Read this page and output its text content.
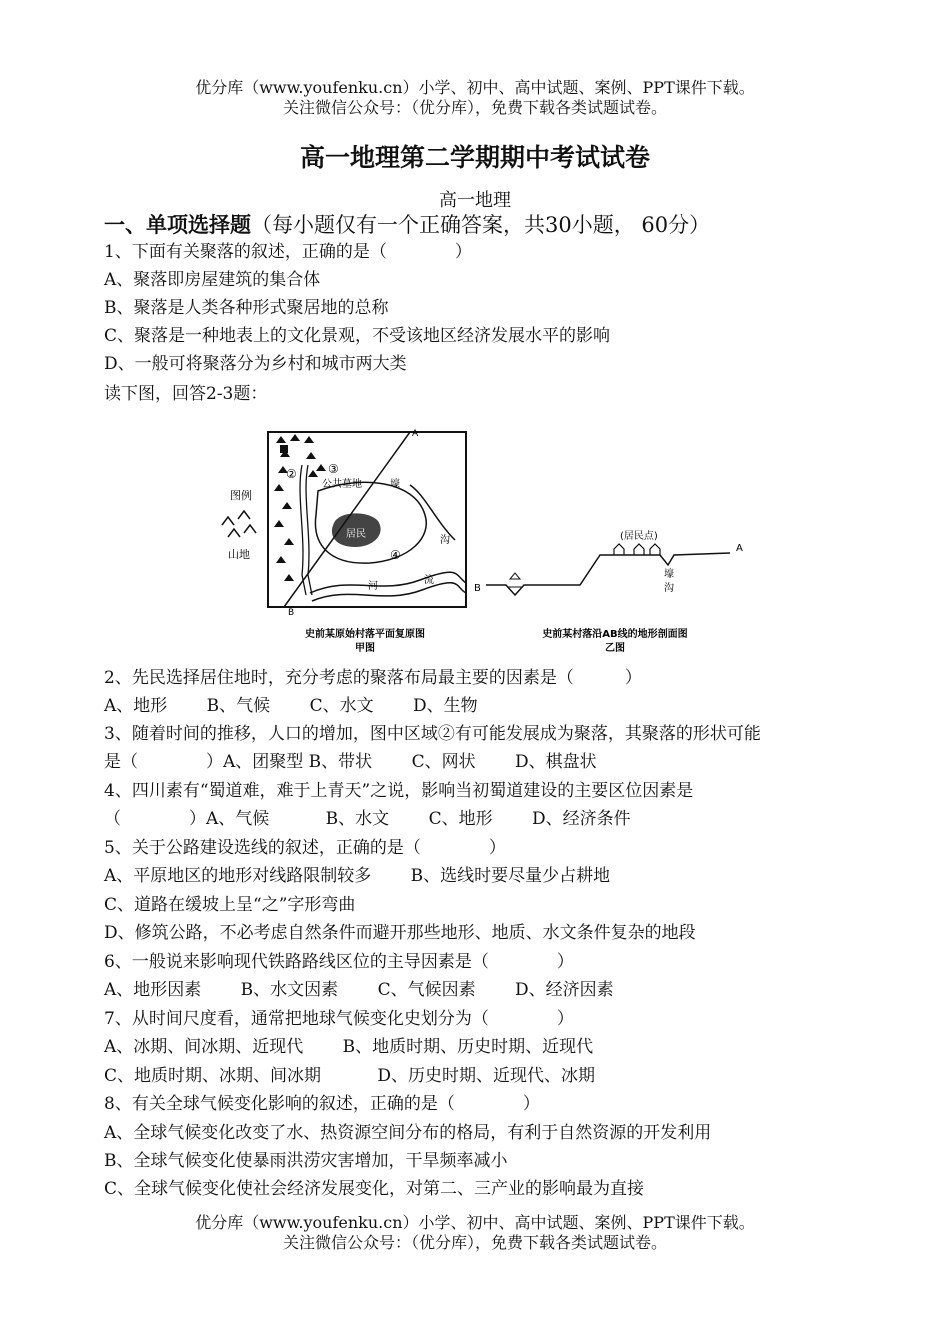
优分库（www.youfenku.cn）小学、初中、高中试题、案例、PPT课件下载。
关注微信公众号：（优分库），免费下载各类试题试卷。
高一地理第二学期期中考试试卷
高一地理
一、单项选择题（每小题仅有一个正确答案，共30小题， 60分）
1、下面有关聚落的叙述，正确的是（　　　　）
A、聚落即房屋建筑的集合体
B、聚落是人类各种形式聚居地的总称
C、聚落是一种地表上的文化景观，不受该地区经济发展水平的影响
D、一般可将聚落分为乡村和城市两大类
读下图，回答2-3题：
图例
山地
居民
A
B
②	③
④
公共墓地	壕
沟
河
流
史前某原始村落平面复原图
甲图
(居民点)
A
B
壕
沟
史前某村落沿AB线的地形剖面图
乙图
2、先民选择居住地时，充分考虑的聚落布局最主要的因素是（　　　）
A、地形　　 B、气候　　 C、水文　　 D、生物
3、随着时间的推移，人口的增加，图中区域②有可能发展成为聚落，其聚落的形状可能
是（　　　　）A、团聚型 B、带状　　 C、网状　　 D、棋盘状
4、四川素有“蜀道难，难于上青天”之说，影响当初蜀道建设的主要区位因素是
（　　　　）A、气候　　　 B、水文　　 C、地形　　 D、经济条件
5、关于公路建设选线的叙述，正确的是（　　　　）
A、平原地区的地形对线路限制较多　　 B、选线时要尽量少占耕地
C、道路在缓坡上呈“之”字形弯曲
D、修筑公路，不必考虑自然条件而避开那些地形、地质、水文条件复杂的地段
6、一般说来影响现代铁路路线区位的主导因素是（　　　　）
A、地形因素　　 B、水文因素　　 C、气候因素　　 D、经济因素
7、从时间尺度看，通常把地球气候变化史划分为（　　　　）
A、冰期、间冰期、近现代　　 B、地质时期、历史时期、近现代
C、地质时期、冰期、间冰期　　　 D、历史时期、近现代、冰期
8、有关全球气候变化影响的叙述，正确的是（　　　　）
A、全球气候变化改变了水、热资源空间分布的格局，有利于自然资源的开发利用
B、全球气候变化使暴雨洪涝灾害增加，干旱频率减小
C、全球气候变化使社会经济发展变化，对第二、三产业的影响最为直接
优分库（www.youfenku.cn）小学、初中、高中试题、案例、PPT课件下载。
关注微信公众号：（优分库），免费下载各类试题试卷。
